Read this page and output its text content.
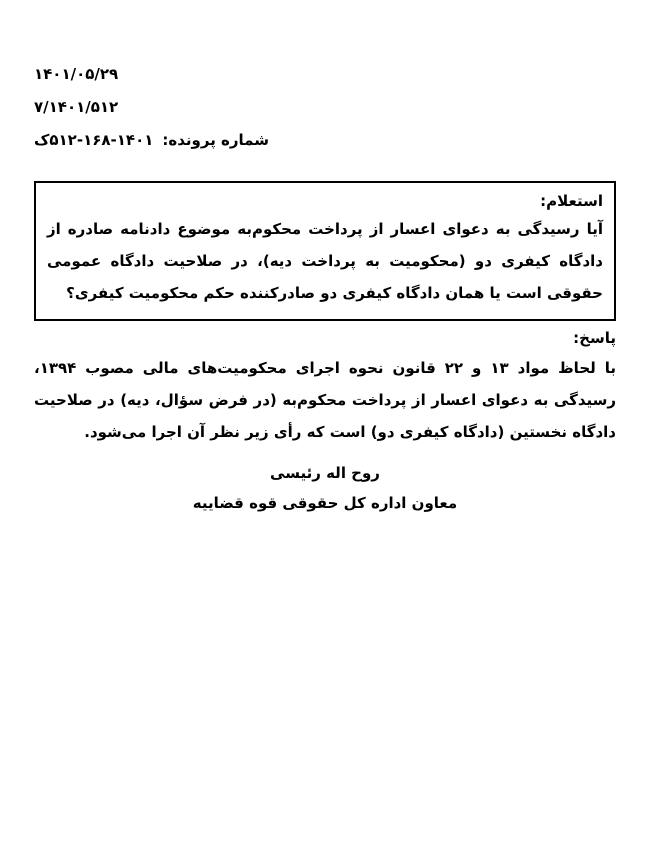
۱۴۰۱/۰۵/۲۹
۷/۱۴۰۱/۵۱۲
شماره پرونده:۱۴۰۱-۱۶۸-۵۱۲ک
استعلام:

آیا رسیدگی به دعوای اعسار از پرداخت محکوم‌به موضوع دادنامه صادره از دادگاه کیفری دو (محکومیت به پرداخت دیه)، در صلاحیت دادگاه عمومی حقوقی است یا همان دادگاه کیفری دو صادرکننده حکم محکومیت کیفری؟

پاسخ:

با لحاظ مواد ۱۳ و ۲۲ قانون نحوه اجرای محکومیت‌های مالی مصوب ۱۳۹۴، رسیدگی به دعوای اعسار از پرداخت محکوم‌به (در فرض سؤال، دیه) در صلاحیت دادگاه نخستین (دادگاه کیفری دو) است که رأی زیر نظر آن اجرا می‌شود.

روح اله رئیسی
معاون اداره کل حقوقی قوه قضاییه
